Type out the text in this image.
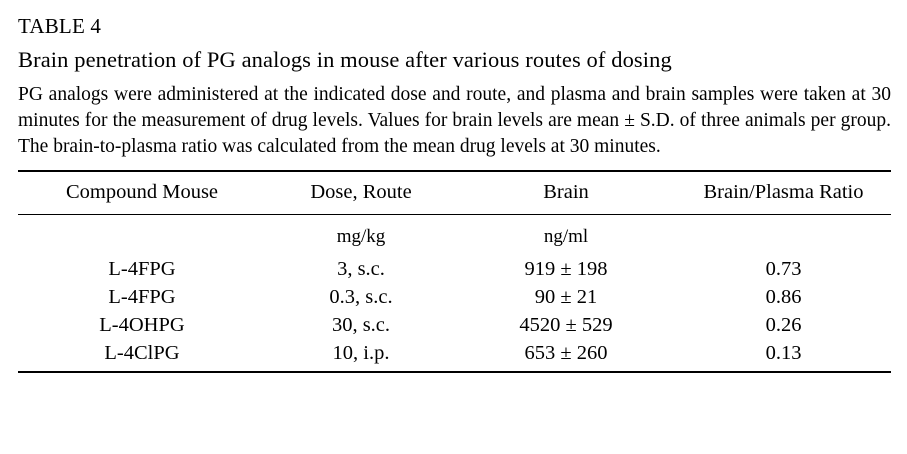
TABLE 4
Brain penetration of PG analogs in mouse after various routes of dosing
PG analogs were administered at the indicated dose and route, and plasma and brain samples were taken at 30 minutes for the measurement of drug levels. Values for brain levels are mean ± S.D. of three animals per group. The brain-to-plasma ratio was calculated from the mean drug levels at 30 minutes.
Compound Mouse	Dose, Route	Brain	Brain/Plasma Ratio
	mg/kg	ng/ml	
L-4FPG	3, s.c.	919 ± 198	0.73
L-4FPG	0.3, s.c.	90 ± 21	0.86
L-4OHPG	30, s.c.	4520 ± 529	0.26
L-4ClPG	10, i.p.	653 ± 260	0.13
